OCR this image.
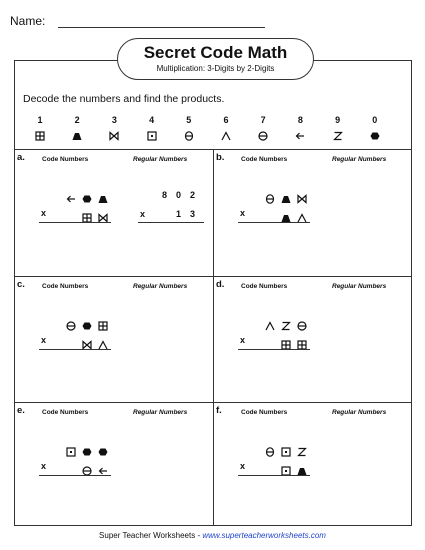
Name:
Secret Code Math
Multiplication: 3-Digits by 2-Digits
Decode the numbers and find the products.
1	2	3	4	5	6	7	8	9	0
a.	Code Numbers	Regular Numbers
x
8 0 2
1 3
x
b.	Code Numbers	Regular Numbers
x
c.	Code Numbers	Regular Numbers
x
d.	Code Numbers	Regular Numbers
x
e.	Code Numbers	Regular Numbers
x
f.	Code Numbers	Regular Numbers
x
Super Teacher Worksheets - www.superteacherworksheets.com
